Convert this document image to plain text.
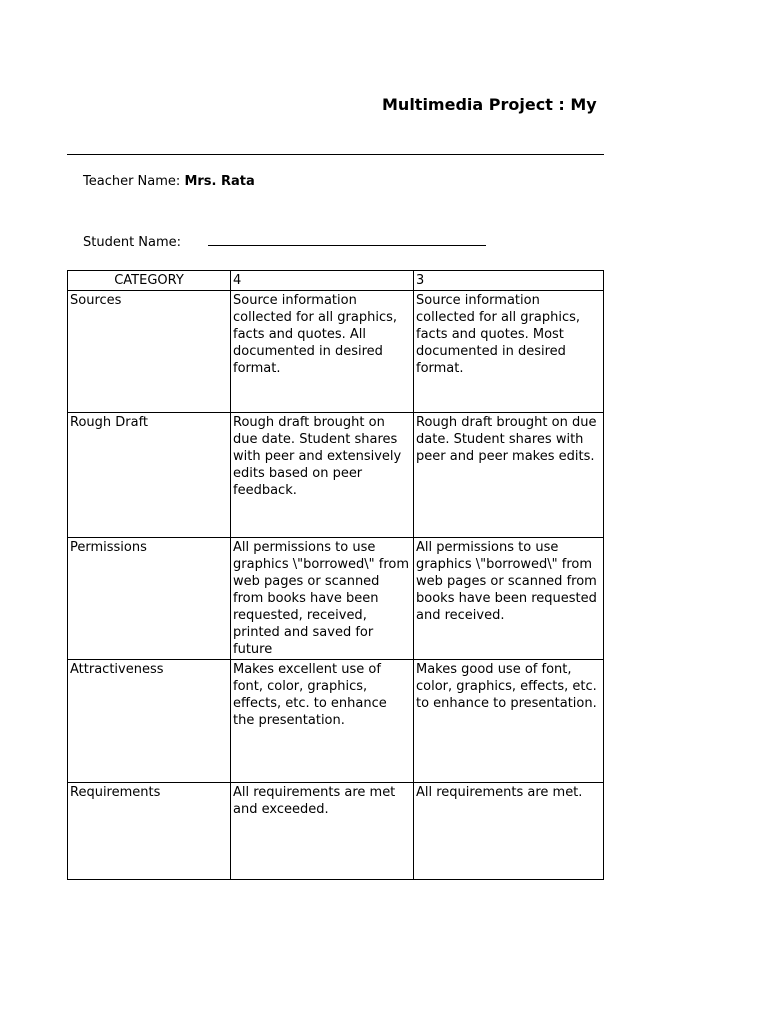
Multimedia Project : My
Teacher Name: Mrs. Rata
Student Name:
CATEGORY	4	3
Sources	Source information collected for all graphics, facts and quotes. All documented in desired format.	Source information collected for all graphics, facts and quotes. Most documented in desired format.
Rough Draft	Rough draft brought on due date. Student shares with peer and extensively edits based on peer feedback.	Rough draft brought on due date. Student shares with peer and peer makes edits.
Permissions	All permissions to use graphics \"borrowed\" from web pages or scanned from books have been requested, received, printed and saved for future	All permissions to use graphics \"borrowed\" from web pages or scanned from books have been requested and received.
Attractiveness	Makes excellent use of font, color, graphics, effects, etc. to enhance the presentation.	Makes good use of font, color, graphics, effects, etc. to enhance to presentation.
Requirements	All requirements are met and exceeded.	All requirements are met.
